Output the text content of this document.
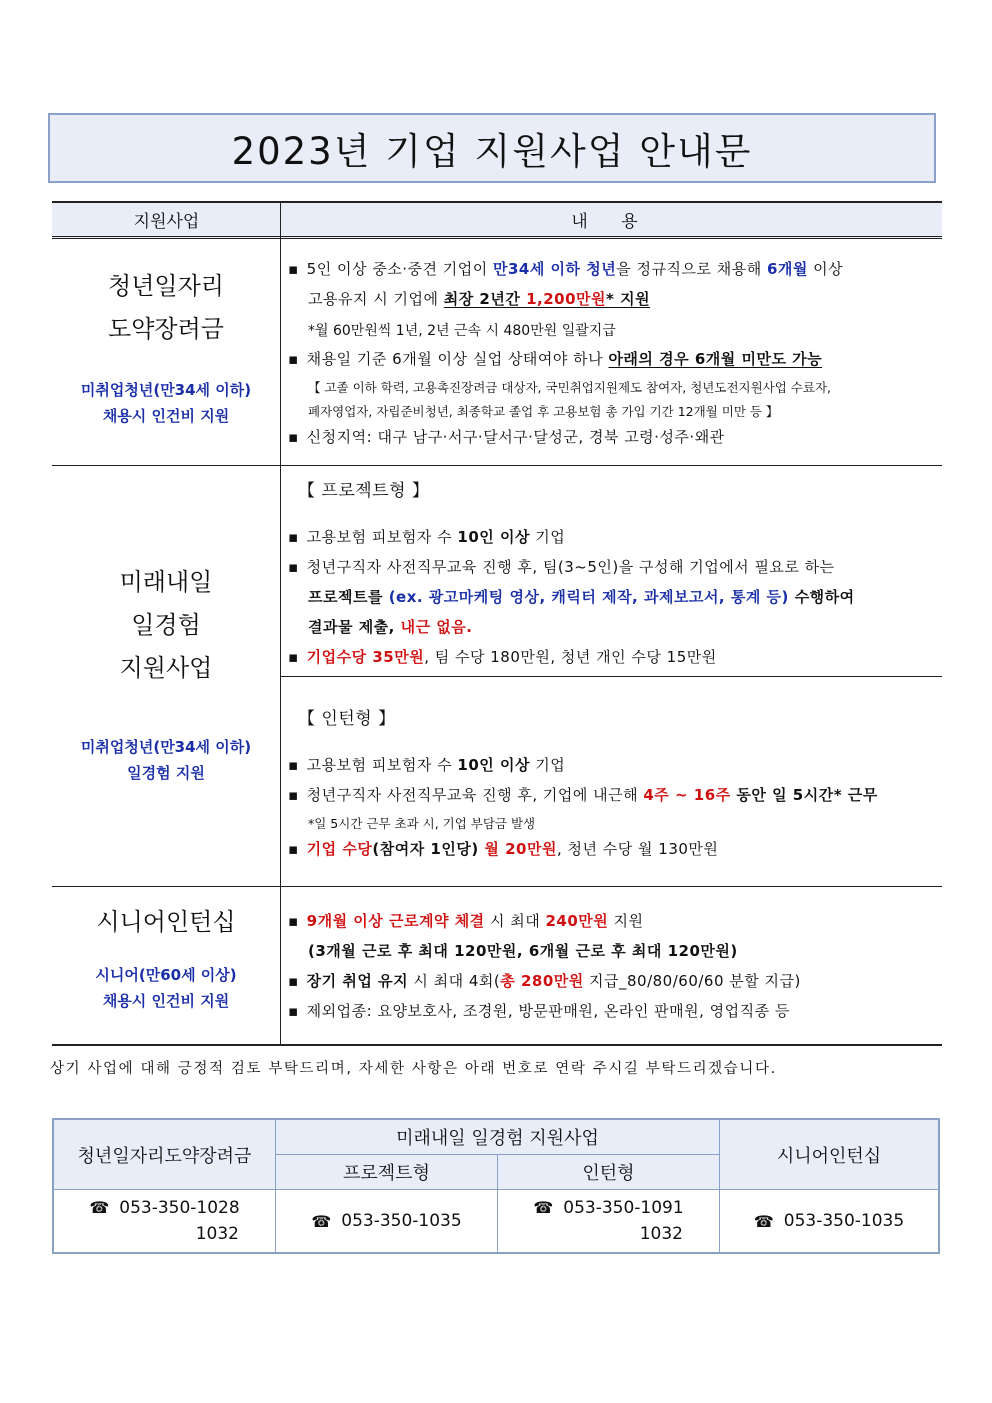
2023년 기업 지원사업 안내문
지원사업	내 용
청년일자리
도약장려금
미취업청년(만34세 이하)
채용시 인건비 지원
▪ 5인 이상 중소·중견 기업이 만34세 이하 청년을 정규직으로 채용해 6개월 이상
고용유지 시 기업에 최장 2년간 1,200만원* 지원
*월 60만원씩 1년, 2년 근속 시 480만원 일괄지급
▪ 채용일 기준 6개월 이상 실업 상태여야 하나 아래의 경우 6개월 미만도 가능
【 고졸 이하 학력, 고용촉진장려금 대상자, 국민취업지원제도 참여자, 청년도전지원사업 수료자,
폐자영업자, 자립준비청년, 최종학교 졸업 후 고용보험 총 가입 기간 12개월 미만 등 】
▪ 신청지역: 대구 남구·서구·달서구·달성군, 경북 고령·성주·왜관
미래내일
일경험
지원사업
미취업청년(만34세 이하)
일경험 지원
【 프로젝트형 】
▪ 고용보험 피보험자 수 10인 이상 기업
▪ 청년구직자 사전직무교육 진행 후, 팀(3~5인)을 구성해 기업에서 필요로 하는
프로젝트를 (ex. 광고마케팅 영상, 캐릭터 제작, 과제보고서, 통계 등) 수행하여
결과물 제출, 내근 없음.
▪ 기업수당 35만원, 팀 수당 180만원, 청년 개인 수당 15만원
【 인턴형 】
▪ 고용보험 피보험자 수 10인 이상 기업
▪ 청년구직자 사전직무교육 진행 후, 기업에 내근해 4주 ~ 16주 동안 일 5시간* 근무
*일 5시간 근무 초과 시, 기업 부담금 발생
▪ 기업 수당(참여자 1인당) 월 20만원, 청년 수당 월 130만원
시니어인턴십
시니어(만60세 이상)
채용시 인건비 지원
▪ 9개월 이상 근로계약 체결 시 최대 240만원 지원
(3개월 근로 후 최대 120만원, 6개월 근로 후 최대 120만원)
▪ 장기 취업 유지 시 최대 4회(총 280만원 지급_80/80/60/60 분할 지급)
▪ 제외업종: 요양보호사, 조경원, 방문판매원, 온라인 판매원, 영업직종 등
상기 사업에 대해 긍정적 검토 부탁드리며, 자세한 사항은 아래 번호로 연락 주시길 부탁드리겠습니다.
청년일자리도약장려금
미래내일 일경험 지원사업
프로젝트형	인턴형
시니어인턴십
☎ 053-350-1028
1032
☎ 053-350-1035
☎ 053-350-1091
1032
☎ 053-350-1035
